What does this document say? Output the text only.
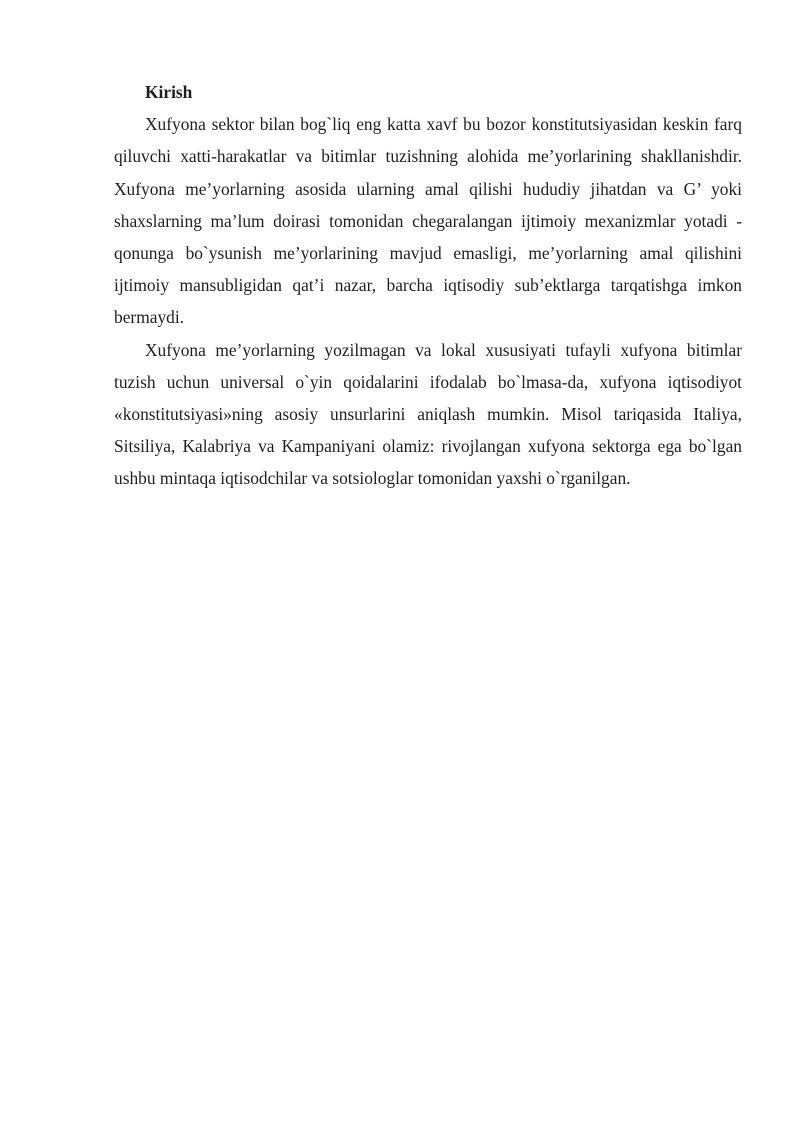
Kirish

Xufyona sektor bilan bog`liq eng katta xavf bu bozor konstitutsiyasidan keskin farq qiluvchi xatti-harakatlar va bitimlar tuzishning alohida me’yorlarining shakllanishdir. Xufyona me’yorlarning asosida ularning amal qilishi hududiy jihatdan va G’ yoki shaxslarning ma’lum doirasi tomonidan chegaralangan ijtimoiy mexanizmlar yotadi - qonunga bo`ysunish me’yorlarining mavjud emasligi, me’yorlarning amal qilishini ijtimoiy mansubligidan qat’i nazar, barcha iqtisodiy sub’ektlarga tarqatishga imkon bermaydi.

Xufyona me’yorlarning yozilmagan va lokal xususiyati tufayli xufyona bitimlar tuzish uchun universal o`yin qoidalarini ifodalab bo`lmasa-da, xufyona iqtisodiyot «konstitutsiyasi»ning asosiy unsurlarini aniqlash mumkin. Misol tariqasida Italiya, Sitsiliya, Kalabriya va Kampaniyani olamiz: rivojlangan xufyona sektorga ega bo`lgan ushbu mintaqa iqtisodchilar va sotsiologlar tomonidan yaxshi o`rganilgan.
